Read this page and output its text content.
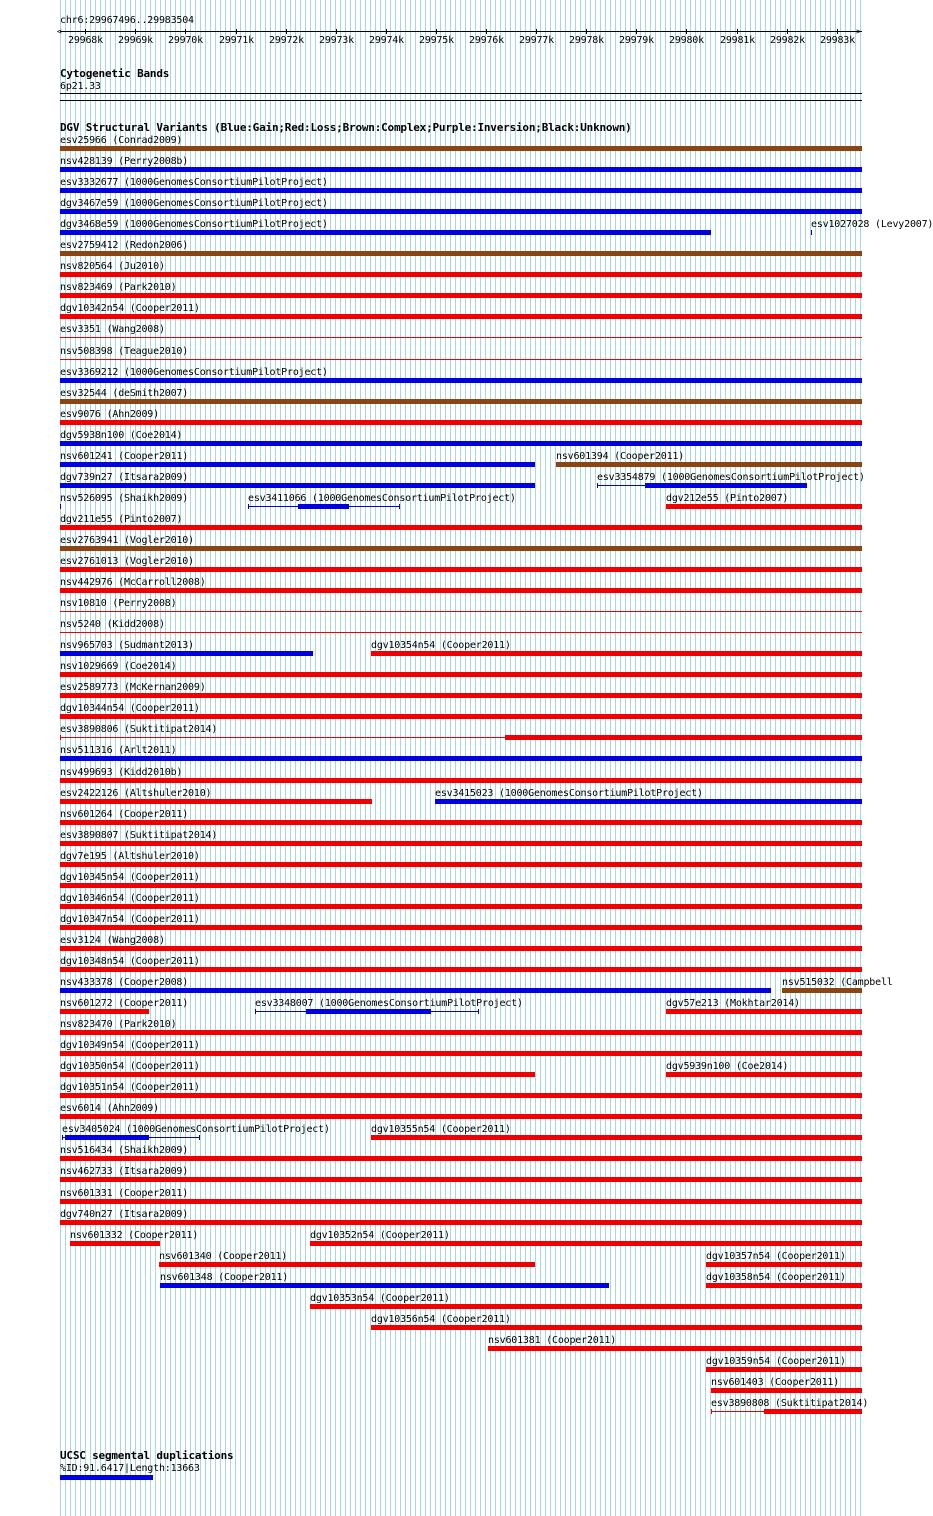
chr6:29967496..29983504
29968k 29969k 29970k 29971k 29972k 29973k 29974k 29975k 29976k 29977k 29978k 29979k 29980k 29981k 29982k 29983k
<	>
Cytogenetic Bands
6p21.33
DGV Structural Variants (Blue:Gain;Red:Loss;Brown:Complex;Purple:Inversion;Black:Unknown)
esv25966 (Conrad2009)
nsv428139 (Perry2008b)
esv3332677 (1000GenomesConsortiumPilotProject)
dgv3467e59 (1000GenomesConsortiumPilotProject)
dgv3468e59 (1000GenomesConsortiumPilotProject)	esv1027028 (Levy2007)
esv2759412 (Redon2006)
nsv820564 (Ju2010)
nsv823469 (Park2010)
dgv10342n54 (Cooper2011)
esv3351 (Wang2008)
nsv508398 (Teague2010)
esv3369212 (1000GenomesConsortiumPilotProject)
esv32544 (deSmith2007)
esv9076 (Ahn2009)
dgv5938n100 (Coe2014)
nsv601241 (Cooper2011)	nsv601394 (Cooper2011)
dgv739n27 (Itsara2009)	esv3354879 (1000GenomesConsortiumPilotProject)
nsv526095 (Shaikh2009)	esv3411066 (1000GenomesConsortiumPilotProject)	dgv212e55 (Pinto2007)
dgv211e55 (Pinto2007)
esv2763941 (Vogler2010)
esv2761013 (Vogler2010)
nsv442976 (McCarroll2008)
nsv10810 (Perry2008)
nsv5240 (Kidd2008)
nsv965703 (Sudmant2013)	dgv10354n54 (Cooper2011)
nsv1029669 (Coe2014)
esv2589773 (McKernan2009)
dgv10344n54 (Cooper2011)
esv3890806 (Suktitipat2014)
nsv511316 (Arlt2011)
nsv499693 (Kidd2010b)
esv2422126 (Altshuler2010)	esv3415023 (1000GenomesConsortiumPilotProject)
nsv601264 (Cooper2011)
esv3890807 (Suktitipat2014)
dgv7e195 (Altshuler2010)
dgv10345n54 (Cooper2011)
dgv10346n54 (Cooper2011)
dgv10347n54 (Cooper2011)
esv3124 (Wang2008)
dgv10348n54 (Cooper2011)
nsv433378 (Cooper2008)	nsv515032 (Campbell
nsv601272 (Cooper2011)	esv3348007 (1000GenomesConsortiumPilotProject)	dgv57e213 (Mokhtar2014)
nsv823470 (Park2010)
dgv10349n54 (Cooper2011)
dgv10350n54 (Cooper2011)	dgv5939n100 (Coe2014)
dgv10351n54 (Cooper2011)
esv6014 (Ahn2009)
esv3405024 (1000GenomesConsortiumPilotProject)	dgv10355n54 (Cooper2011)
nsv516434 (Shaikh2009)
nsv462733 (Itsara2009)
nsv601331 (Cooper2011)
dgv740n27 (Itsara2009)
nsv601332 (Cooper2011)	dgv10352n54 (Cooper2011)
nsv601340 (Cooper2011)	dgv10357n54 (Cooper2011)
nsv601348 (Cooper2011)	dgv10358n54 (Cooper2011)
dgv10353n54 (Cooper2011)
dgv10356n54 (Cooper2011)
nsv601381 (Cooper2011)
dgv10359n54 (Cooper2011)
nsv601403 (Cooper2011)
esv3890808 (Suktitipat2014)
UCSC segmental duplications
%ID:91.6417|Length:13663
